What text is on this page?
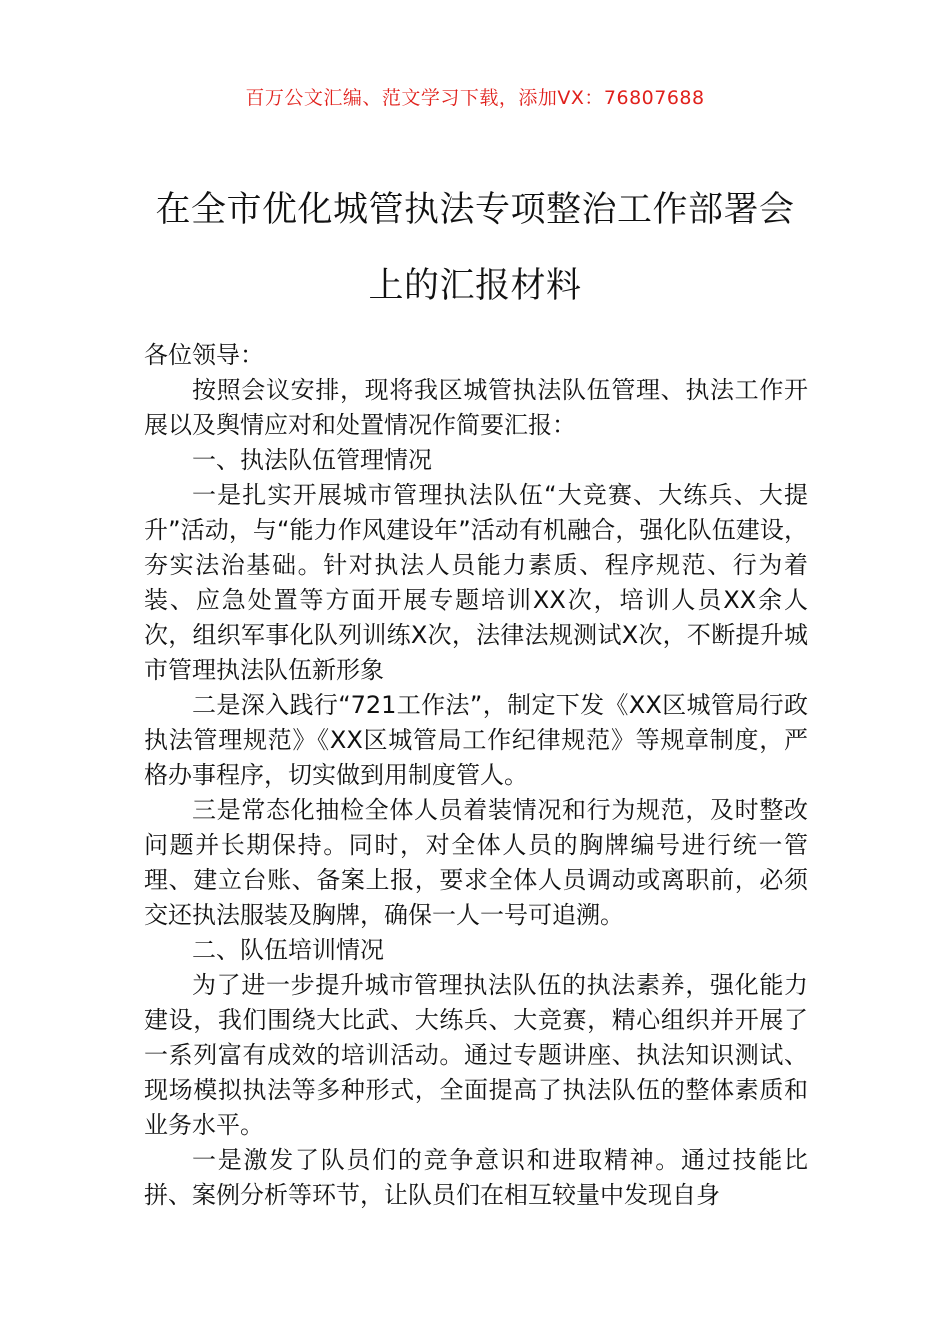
百万公文汇编、范文学习下载，添加VX：76807688
在全市优化城管执法专项整治工作部署会
上的汇报材料

各位领导：

按照会议安排，现将我区城管执法队伍管理、执法工作开展以及舆情应对和处置情况作简要汇报：

一、执法队伍管理情况

一是扎实开展城市管理执法队伍“大竞赛、大练兵、大提升”活动，与“能力作风建设年”活动有机融合，强化队伍建设，夯实法治基础。针对执法人员能力素质、程序规范、行为着装、应急处置等方面开展专题培训XX次，培训人员XX余人次，组织军事化队列训练X次，法律法规测试X次，不断提升城市管理执法队伍新形象

二是深入践行“721工作法”，制定下发《XX区城管局行政执法管理规范》《XX区城管局工作纪律规范》等规章制度，严格办事程序，切实做到用制度管人。

三是常态化抽检全体人员着装情况和行为规范，及时整改问题并长期保持。同时，对全体人员的胸牌编号进行统一管理、建立台账、备案上报，要求全体人员调动或离职前，必须交还执法服装及胸牌，确保一人一号可追溯。

二、队伍培训情况

为了进一步提升城市管理执法队伍的执法素养，强化能力建设，我们围绕大比武、大练兵、大竞赛，精心组织并开展了一系列富有成效的培训活动。通过专题讲座、执法知识测试、现场模拟执法等多种形式，全面提高了执法队伍的整体素质和业务水平。

一是激发了队员们的竞争意识和进取精神。通过技能比拼、案例分析等环节，让队员们在相互较量中发现自身
